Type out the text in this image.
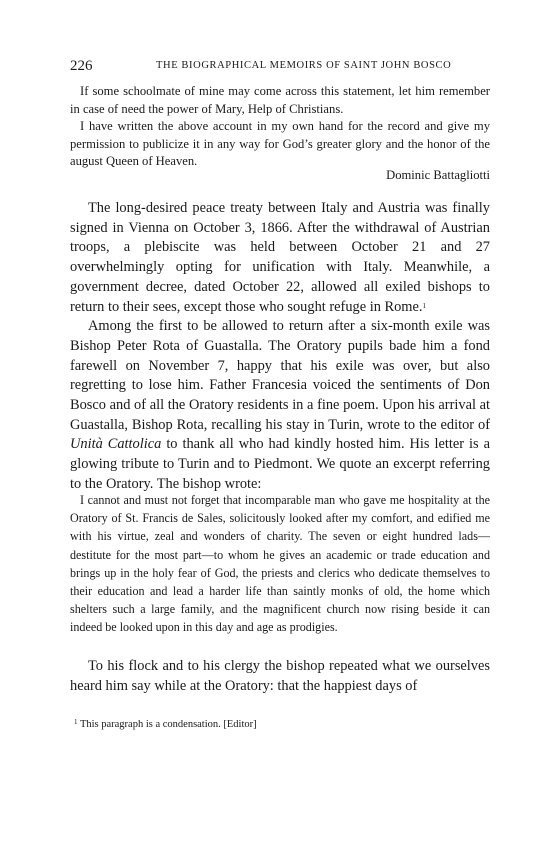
226	THE BIOGRAPHICAL MEMOIRS OF SAINT JOHN BOSCO

If some schoolmate of mine may come across this statement, let him remember in case of need the power of Mary, Help of Christians.

I have written the above account in my own hand for the record and give my permission to publicize it in any way for God’s greater glory and the honor of the august Queen of Heaven.

Dominic Battagliotti

The long-desired peace treaty between Italy and Austria was finally signed in Vienna on October 3, 1866. After the withdrawal of Austrian troops, a plebiscite was held between October 21 and 27 overwhelmingly opting for unification with Italy. Meanwhile, a government decree, dated October 22, allowed all exiled bishops to return to their sees, except those who sought refuge in Rome.$^1$

Among the first to be allowed to return after a six-month exile was Bishop Peter Rota of Guastalla. The Oratory pupils bade him a fond farewell on November 7, happy that his exile was over, but also regretting to lose him. Father Francesia voiced the sentiments of Don Bosco and of all the Oratory residents in a fine poem. Upon his arrival at Guastalla, Bishop Rota, recalling his stay in Turin, wrote to the editor of Unità Cattolica to thank all who had kindly hosted him. His letter is a glowing tribute to Turin and to Piedmont. We quote an excerpt referring to the Oratory. The bishop wrote:

I cannot and must not forget that incomparable man who gave me hospitality at the Oratory of St. Francis de Sales, solicitously looked after my comfort, and edified me with his virtue, zeal and wonders of charity. The seven or eight hundred lads—destitute for the most part—to whom he gives an academic or trade education and brings up in the holy fear of God, the priests and clerics who dedicate themselves to their education and lead a harder life than saintly monks of old, the home which shelters such a large family, and the magnificent church now rising beside it can indeed be looked upon in this day and age as prodigies.

To his flock and to his clergy the bishop repeated what we ourselves heard him say while at the Oratory: that the happiest days of

$^1$ This paragraph is a condensation. [Editor]
